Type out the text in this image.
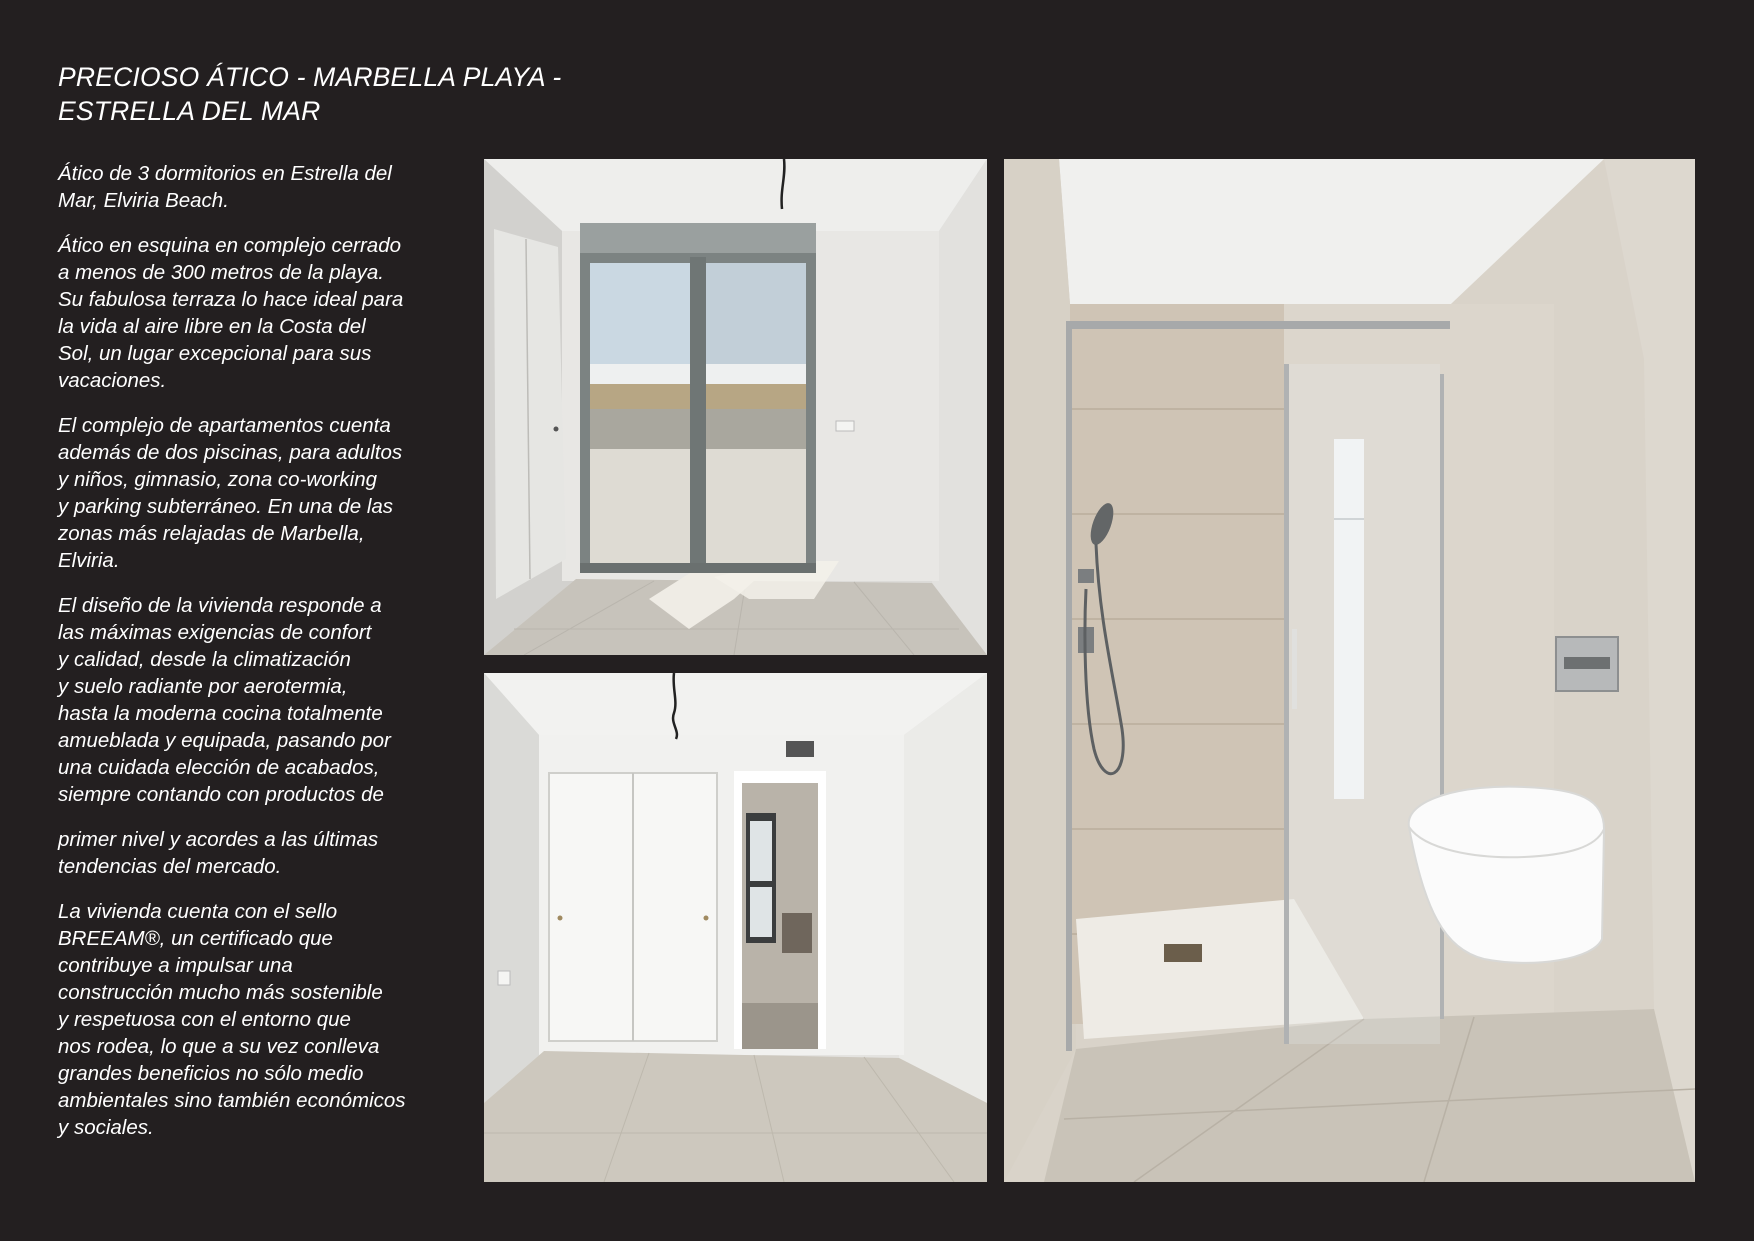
PRECIOSO ÁTICO - MARBELLA PLAYA -
ESTRELLA DEL MAR

Ático de 3 dormitorios en Estrella del
Mar, Elviria Beach.

Ático en esquina en complejo cerrado
a menos de 300 metros de la playa.
Su fabulosa terraza lo hace ideal para
la vida al aire libre en la Costa del
Sol, un lugar excepcional para sus
vacaciones.

El complejo de apartamentos cuenta
además de dos piscinas, para adultos
y niños, gimnasio, zona co-working
y parking subterráneo. En una de las
zonas más relajadas de Marbella,
Elviria.

El diseño de la vivienda responde a
las máximas exigencias de confort
y calidad, desde la climatización
y suelo radiante por aerotermia,
hasta la moderna cocina totalmente
amueblada y equipada, pasando por
una cuidada elección de acabados,
siempre contando con productos de

primer nivel y acordes a las últimas
tendencias del mercado.

La vivienda cuenta con el sello
BREEAM®, un certificado que
contribuye a impulsar una
construcción mucho más sostenible
y respetuosa con el entorno que
nos rodea, lo que a su vez conlleva
grandes beneficios no sólo medio
ambientales sino también económicos
y sociales.
